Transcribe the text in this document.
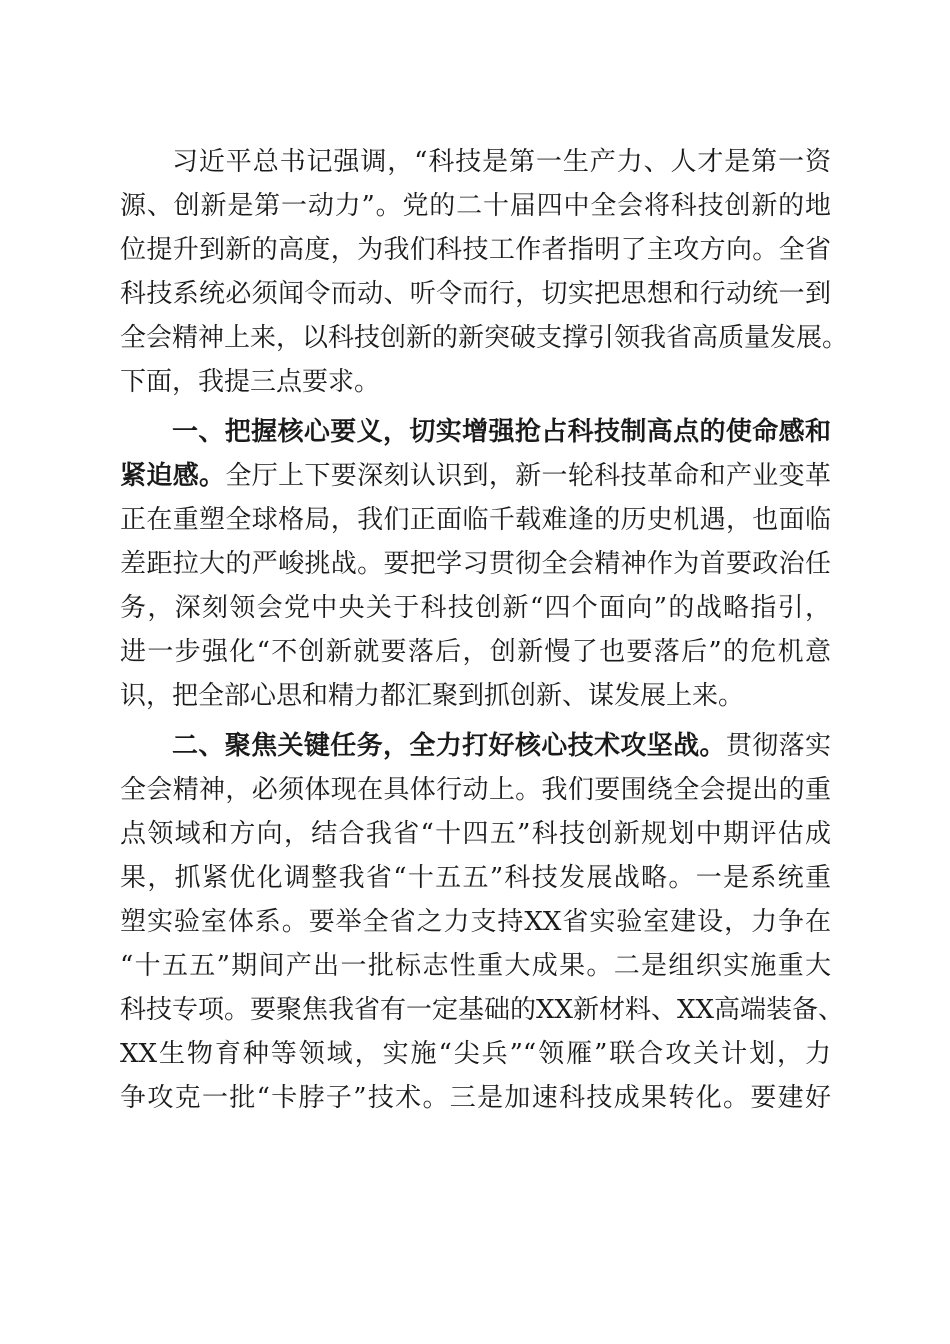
习近平总书记强调，“科技是第一生产力、人才是第一资
源、创新是第一动力”。党的二十届四中全会将科技创新的地
位提升到新的高度，为我们科技工作者指明了主攻方向。全省
科技系统必须闻令而动、听令而行，切实把思想和行动统一到
全会精神上来，以科技创新的新突破支撑引领我省高质量发展。
下面，我提三点要求。
一、把握核心要义，切实增强抢占科技制高点的使命感和
紧迫感。全厅上下要深刻认识到，新一轮科技革命和产业变革
正在重塑全球格局，我们正面临千载难逢的历史机遇，也面临
差距拉大的严峻挑战。要把学习贯彻全会精神作为首要政治任
务，深刻领会党中央关于科技创新“四个面向”的战略指引，
进一步强化“不创新就要落后，创新慢了也要落后”的危机意
识，把全部心思和精力都汇聚到抓创新、谋发展上来。
二、聚焦关键任务，全力打好核心技术攻坚战。贯彻落实
全会精神，必须体现在具体行动上。我们要围绕全会提出的重
点领域和方向，结合我省“十四五”科技创新规划中期评估成
果，抓紧优化调整我省“十五五”科技发展战略。一是系统重
塑实验室体系。要举全省之力支持XX省实验室建设，力争在
“十五五”期间产出一批标志性重大成果。二是组织实施重大
科技专项。要聚焦我省有一定基础的XX新材料、XX高端装备、
XX生物育种等领域，实施“尖兵”“领雁”联合攻关计划，力
争攻克一批“卡脖子”技术。三是加速科技成果转化。要建好
